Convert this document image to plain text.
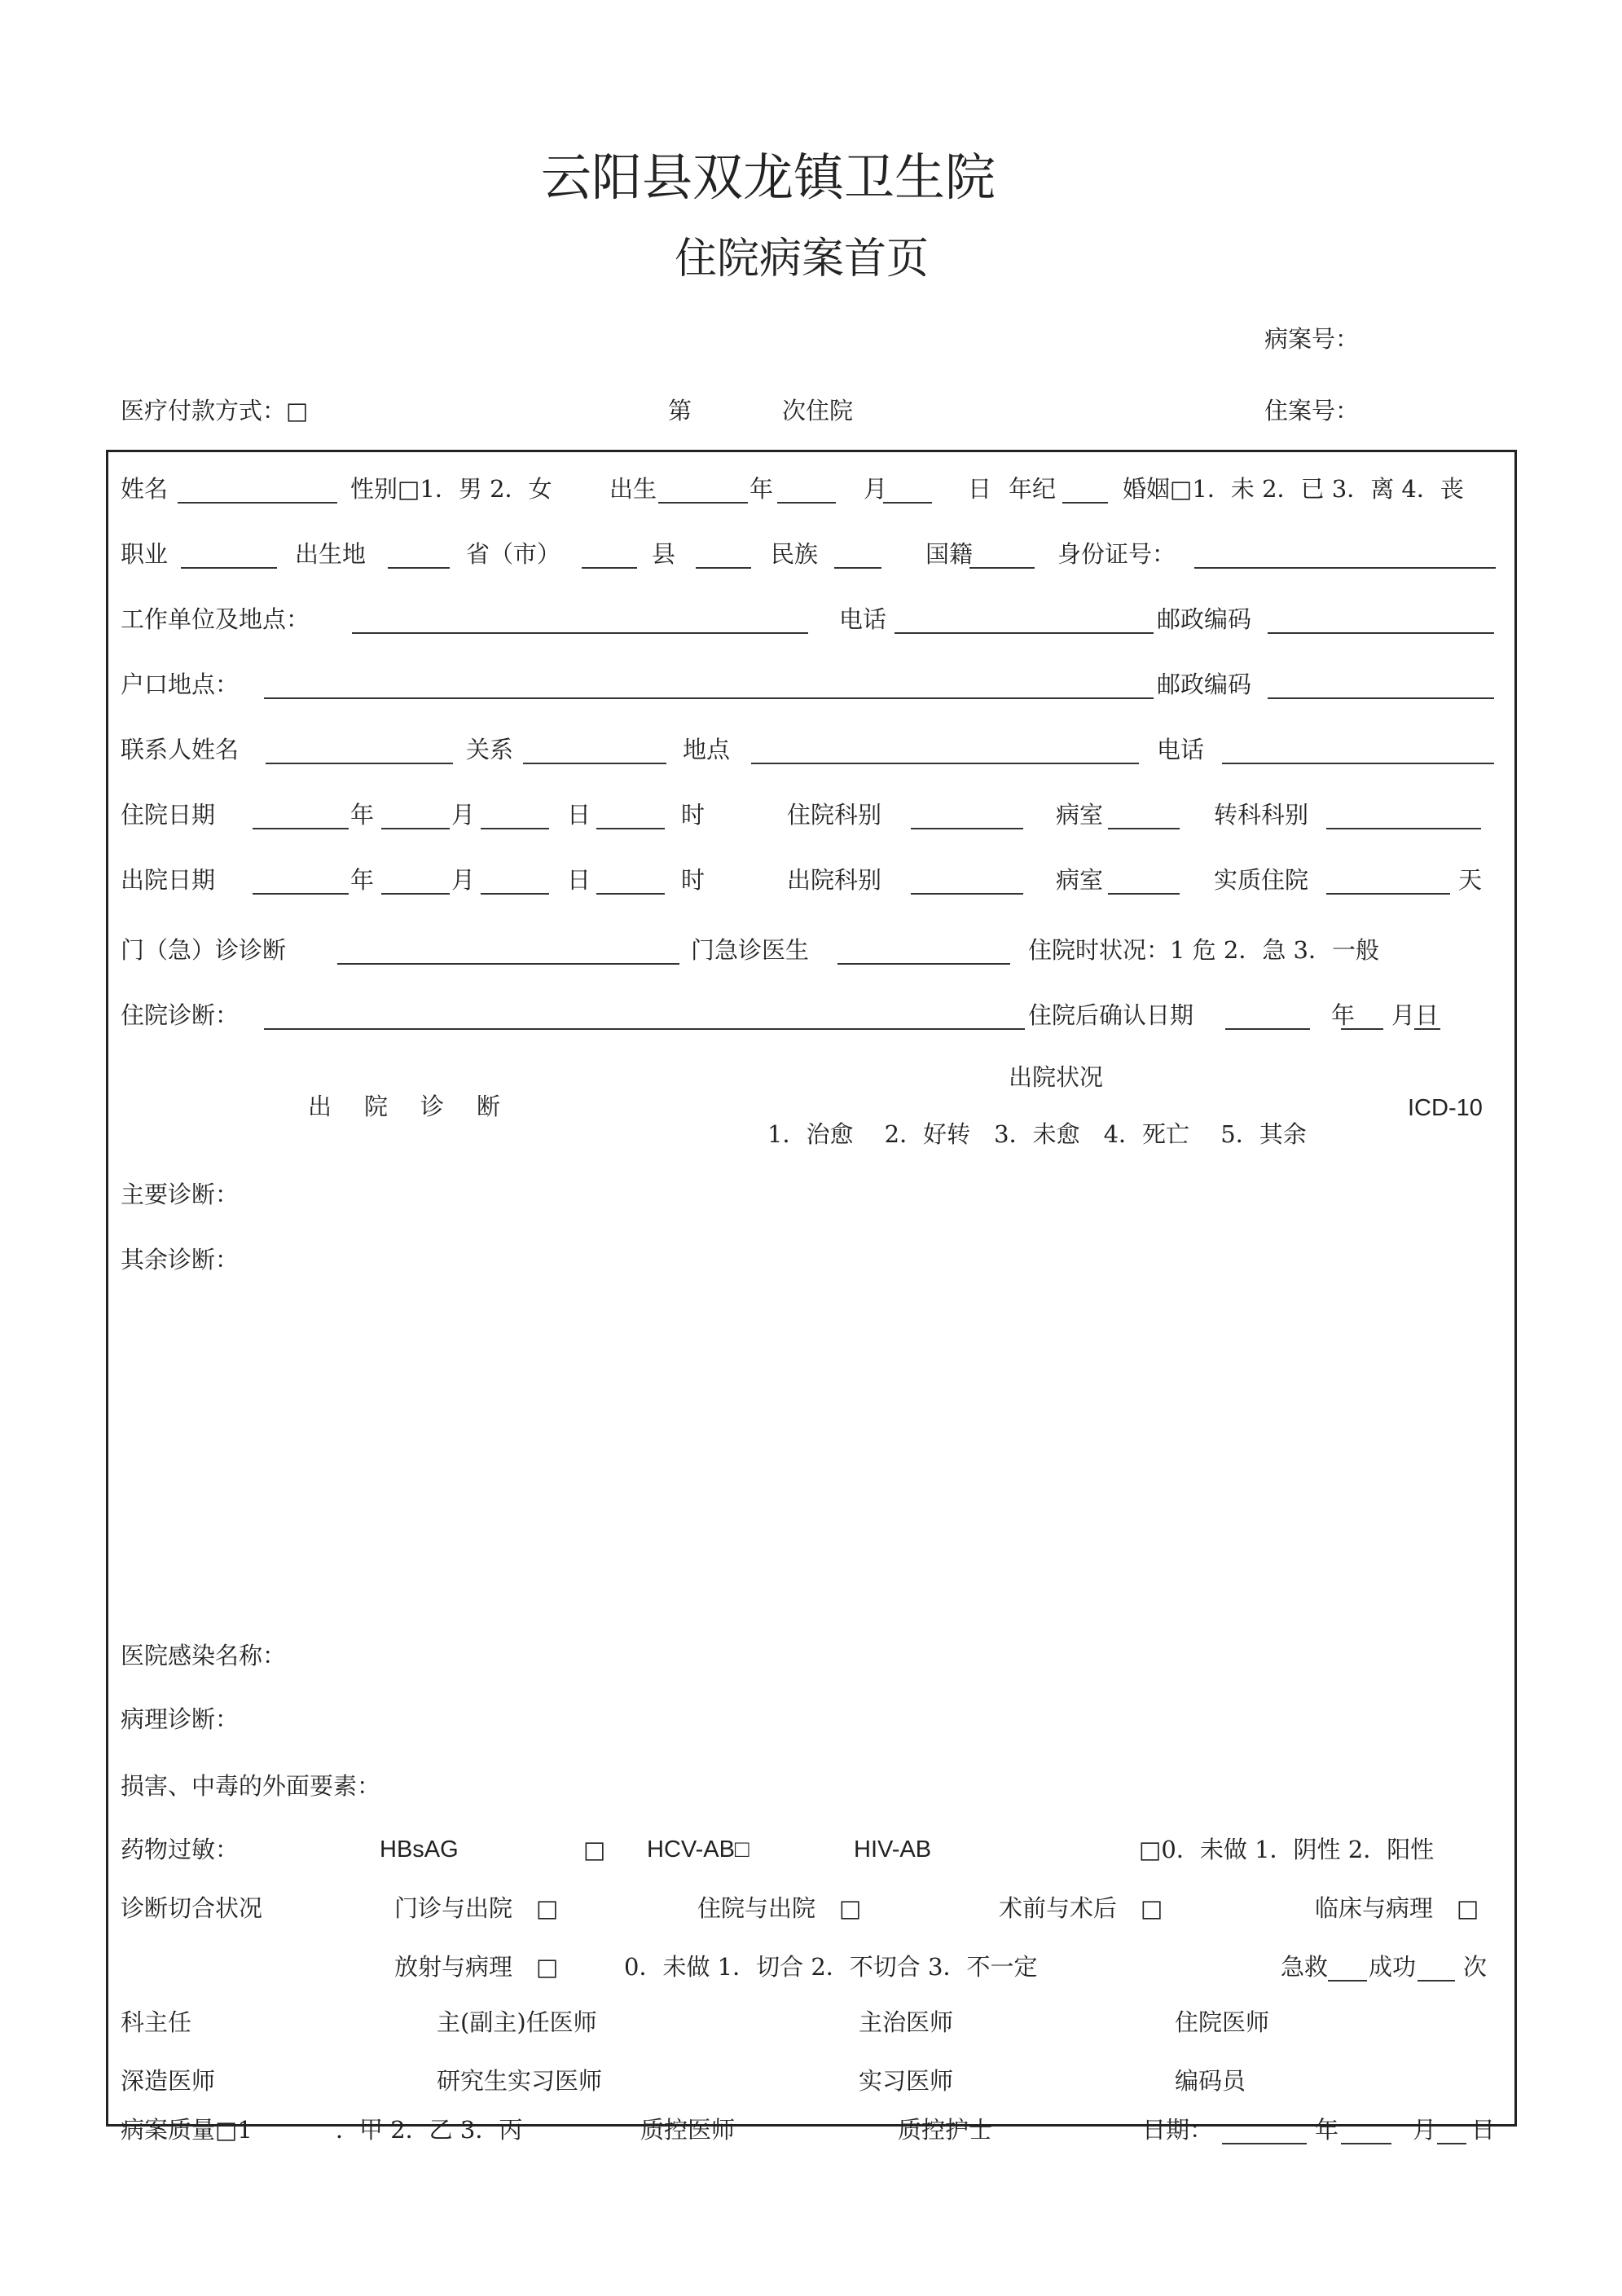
云阳县双龙镇卫生院
住院病案首页
病案号：
医疗付款方式：□	第	次住院	住案号：
姓名	性别□1．男 2．女 出生	年	月	日 年纪	婚姻□1．未 2．已 3．离 4．丧
职业	出生地	省（市）	县	民族	国籍	身份证号：
工作单位及地点：	电话	邮政编码
户口地点：	邮政编码
联系人姓名	关系	地点	电话
住院日期	年	月	日	时	住院科别	病室	转科科别
出院日期	年	月	日	时	出院科别	病室	实质住院	天
门（急）诊诊断	门急诊医生	住院时状况：1 危 2．急 3．一般
住院诊断：	住院后确认日期	年 月日
出院诊断
出院状况
ICD-10
1．治愈　 2．好转　3．未愈　4．死亡　 5．其余
主要诊断：
其余诊断：
医院感染名称：
病理诊断：
损害、中毒的外面要素：
药物过敏：	HBsAG	□ HCV-AB□	HIV-AB	□0．未做 1．阴性 2．阳性
诊断切合状况	门诊与出院　□	住院与出院　□	术前与术后　□	临床与病理　□
放射与病理　□	0．未做 1．切合 2．不切合 3．不一定	急救 成功 次
科主任	主(副主)任医师	主治医师	住院医师
深造医师	研究生实习医师	实习医师	编码员
病案质量□1	．甲 2．乙 3．丙	质控医师	质控护士	日期：	年	月 日
